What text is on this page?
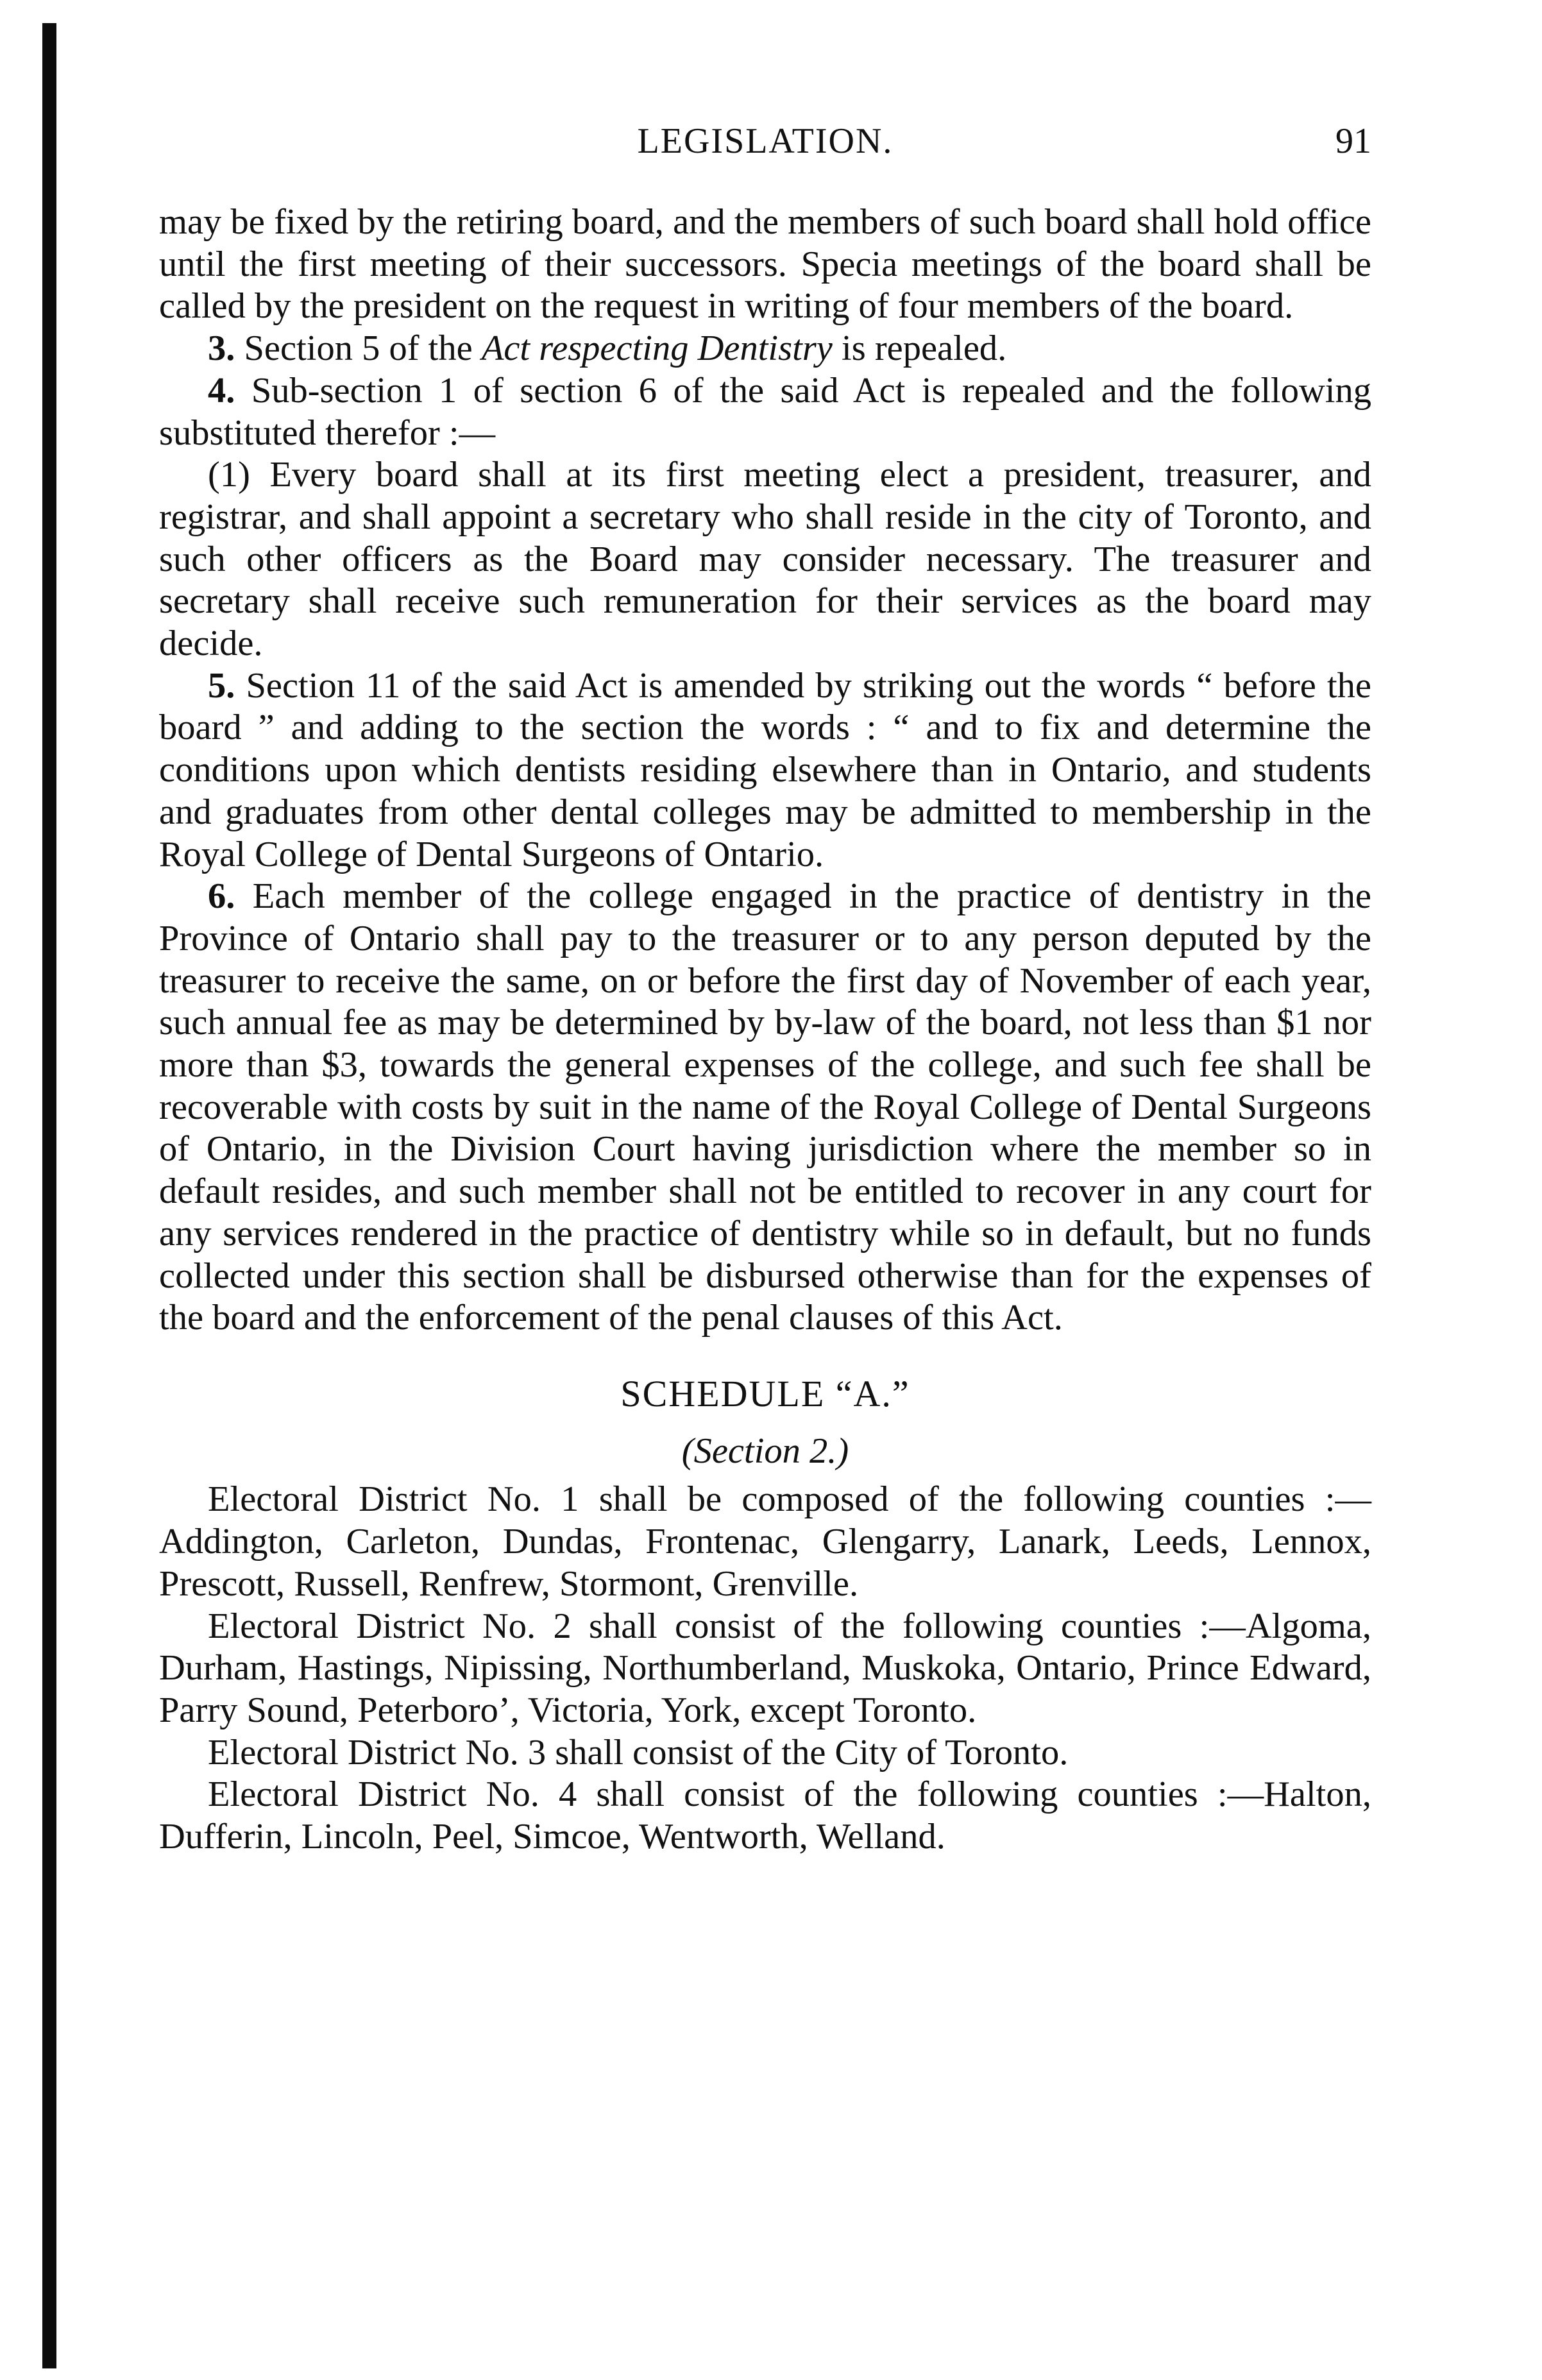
LEGISLATION.	91

may be fixed by the retiring board, and the members of such board shall hold office until the first meeting of their successors. Specia meetings of the board shall be called by the president on the request in writing of four members of the board.

3. Section 5 of the Act respecting Dentistry is repealed.

4. Sub-section 1 of section 6 of the said Act is repealed and the following substituted therefor :—

(1) Every board shall at its first meeting elect a president, treasurer, and registrar, and shall appoint a secretary who shall reside in the city of Toronto, and such other officers as the Board may consider necessary. The treasurer and secretary shall receive such remuneration for their services as the board may decide.

5. Section 11 of the said Act is amended by striking out the words “ before the board ” and adding to the section the words : “ and to fix and determine the conditions upon which dentists residing elsewhere than in Ontario, and students and graduates from other dental colleges may be admitted to membership in the Royal College of Dental Surgeons of Ontario.

6. Each member of the college engaged in the practice of dentistry in the Province of Ontario shall pay to the treasurer or to any person deputed by the treasurer to receive the same, on or before the first day of November of each year, such annual fee as may be determined by by-law of the board, not less than $1 nor more than $3, towards the general expenses of the college, and such fee shall be recoverable with costs by suit in the name of the Royal College of Dental Surgeons of Ontario, in the Division Court having jurisdiction where the member so in default resides, and such member shall not be entitled to recover in any court for any services rendered in the practice of dentistry while so in default, but no funds collected under this section shall be disbursed otherwise than for the expenses of the board and the enforcement of the penal clauses of this Act.

SCHEDULE “A.”

(Section 2.)

Electoral District No. 1 shall be composed of the following counties :—Addington, Carleton, Dundas, Frontenac, Glengarry, Lanark, Leeds, Lennox, Prescott, Russell, Renfrew, Stormont, Grenville.

Electoral District No. 2 shall consist of the following counties :—Algoma, Durham, Hastings, Nipissing, Northumberland, Muskoka, Ontario, Prince Edward, Parry Sound, Peterboro’, Victoria, York, except Toronto.

Electoral District No. 3 shall consist of the City of Toronto.

Electoral District No. 4 shall consist of the following counties :—Halton, Dufferin, Lincoln, Peel, Simcoe, Wentworth, Welland.
